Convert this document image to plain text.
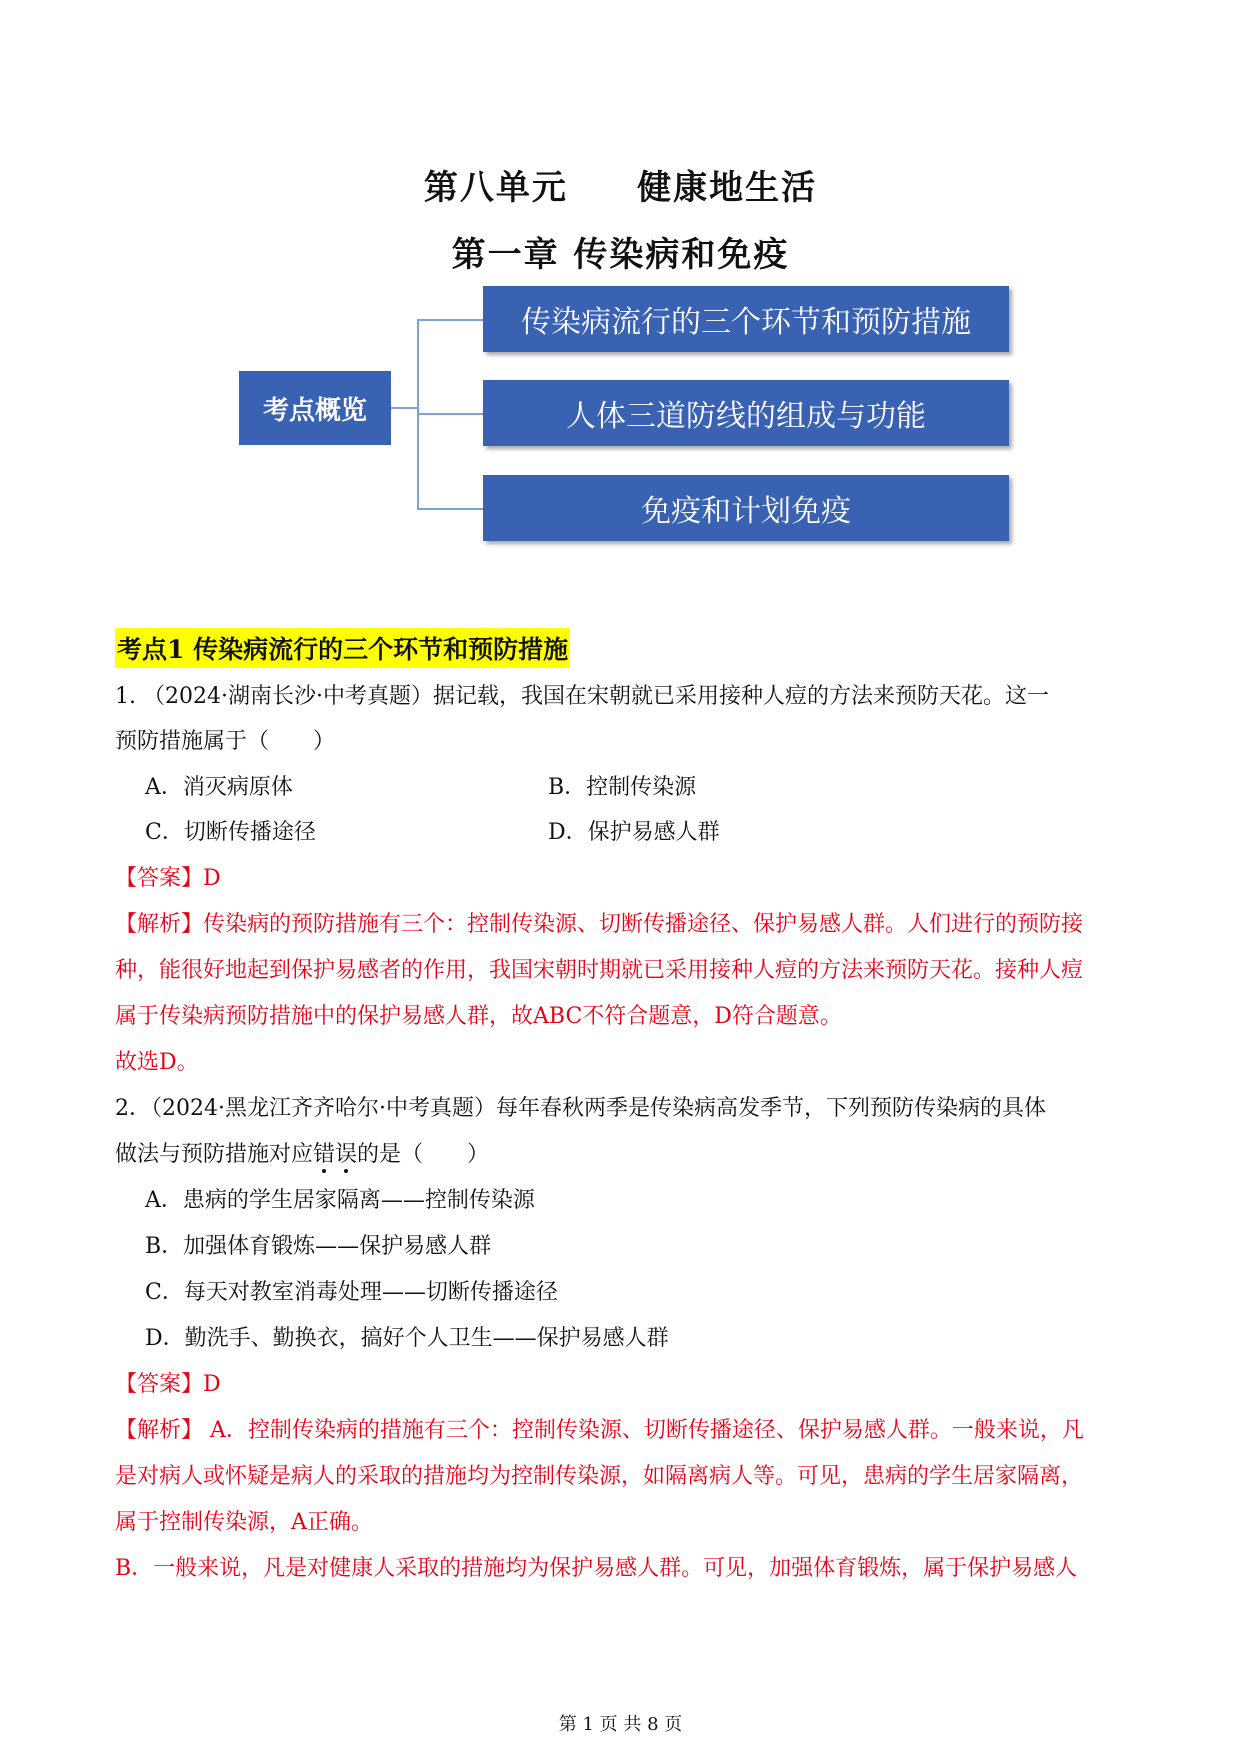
第八单元     健康地生活
第一章 传染病和免疫
考点概览
传染病流行的三个环节和预防措施
人体三道防线的组成与功能
免疫和计划免疫
考点1 传染病流行的三个环节和预防措施
1. （2024·湖南长沙·中考真题）据记载，我国在宋朝就已采用接种人痘的方法来预防天花。这一
预防措施属于（　　）
A．消灭病原体	B．控制传染源
C．切断传播途径	D．保护易感人群
【答案】D
【解析】传染病的预防措施有三个：控制传染源、切断传播途径、保护易感人群。人们进行的预防接
种，能很好地起到保护易感者的作用，我国宋朝时期就已采用接种人痘的方法来预防天花。接种人痘
属于传染病预防措施中的保护易感人群，故ABC不符合题意，D符合题意。
故选D。
2．（2024·黑龙江齐齐哈尔·中考真题）每年春秋两季是传染病高发季节，下列预防传染病的具体
做法与预防措施对应错误的是（　　）
A．患病的学生居家隔离——控制传染源
B．加强体育锻炼——保护易感人群
C．每天对教室消毒处理——切断传播途径
D．勤洗手、勤换衣，搞好个人卫生——保护易感人群
【答案】D
【解析】 A．控制传染病的措施有三个：控制传染源、切断传播途径、保护易感人群。一般来说，凡
是对病人或怀疑是病人的采取的措施均为控制传染源，如隔离病人等。可见，患病的学生居家隔离，
属于控制传染源，A正确。
B．一般来说，凡是对健康人采取的措施均为保护易感人群。可见，加强体育锻炼，属于保护易感人
第 1 页 共 8 页
